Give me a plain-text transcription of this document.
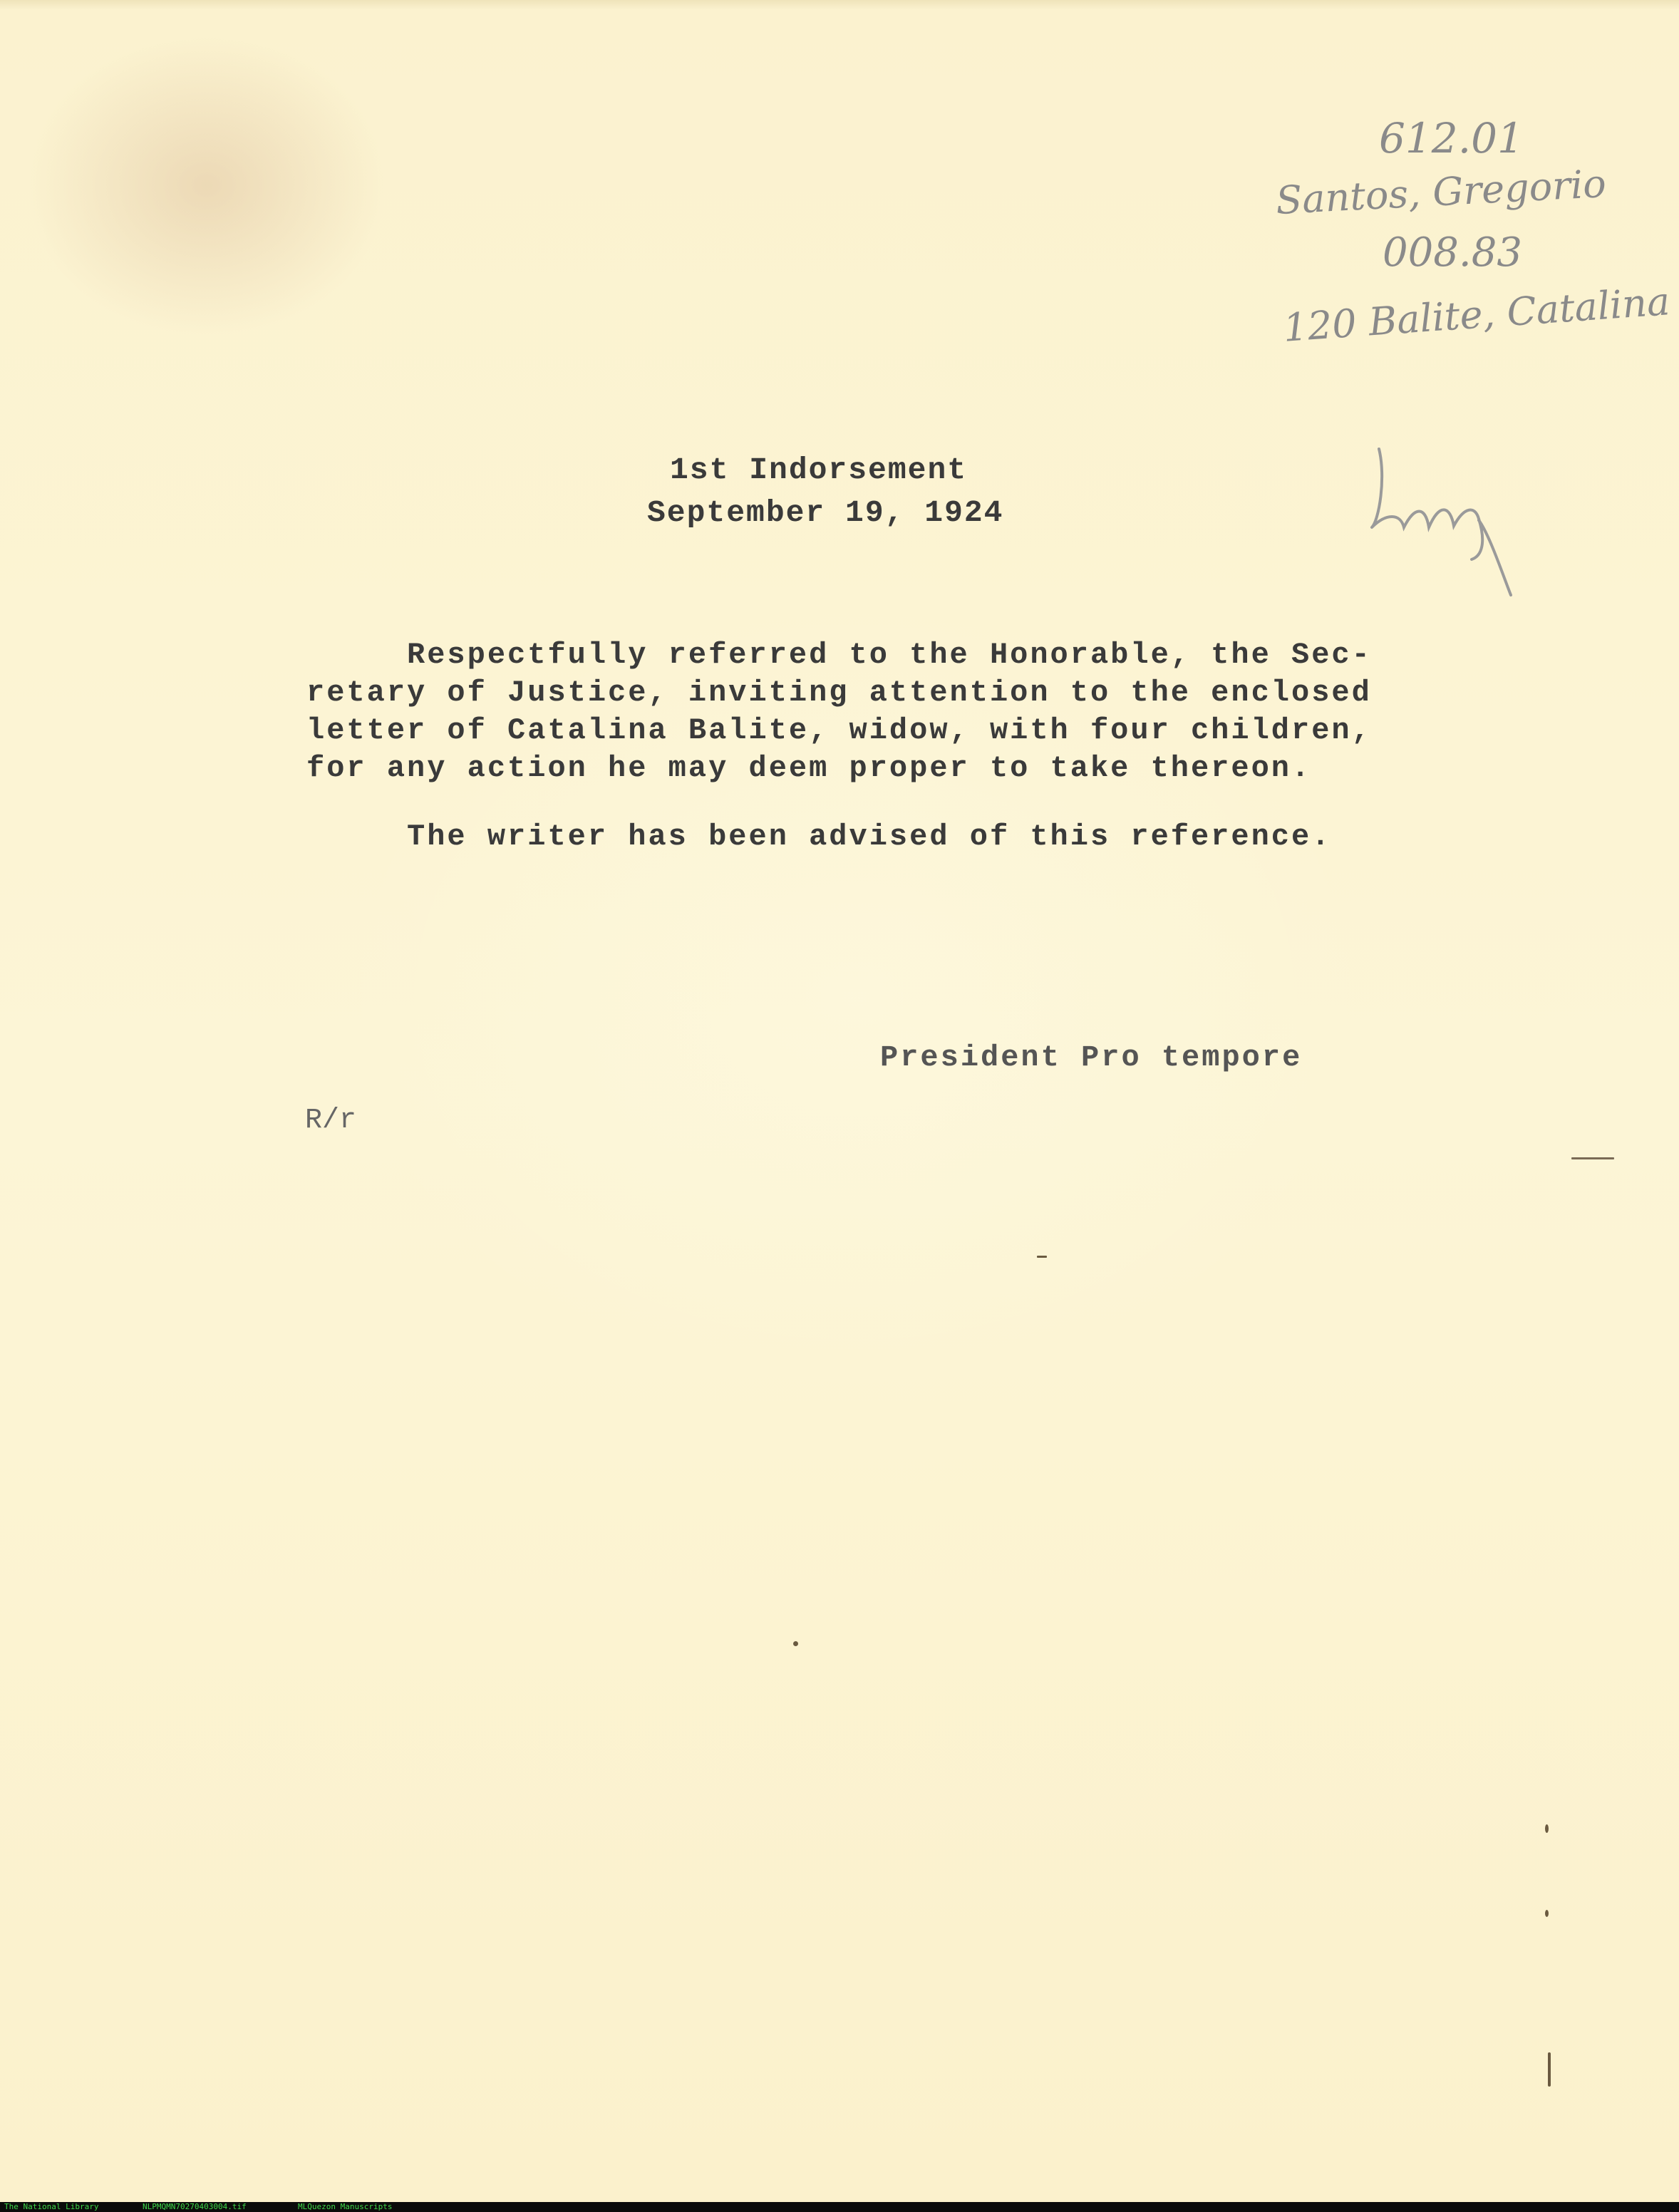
612.01
Santos, Gregorio
008.83
120 Balite, Catalina
1st Indorsement
September 19, 1924
Respectfully referred to the Honorable, the Sec-
retary of Justice, inviting attention to the enclosed
letter of Catalina Balite, widow, with four children,
for any action he may deem proper to take thereon.
The writer has been advised of this reference.
President Pro tempore
R/r
The National Library	NLPMQMN70270403004.tif	MLQuezon Manuscripts
